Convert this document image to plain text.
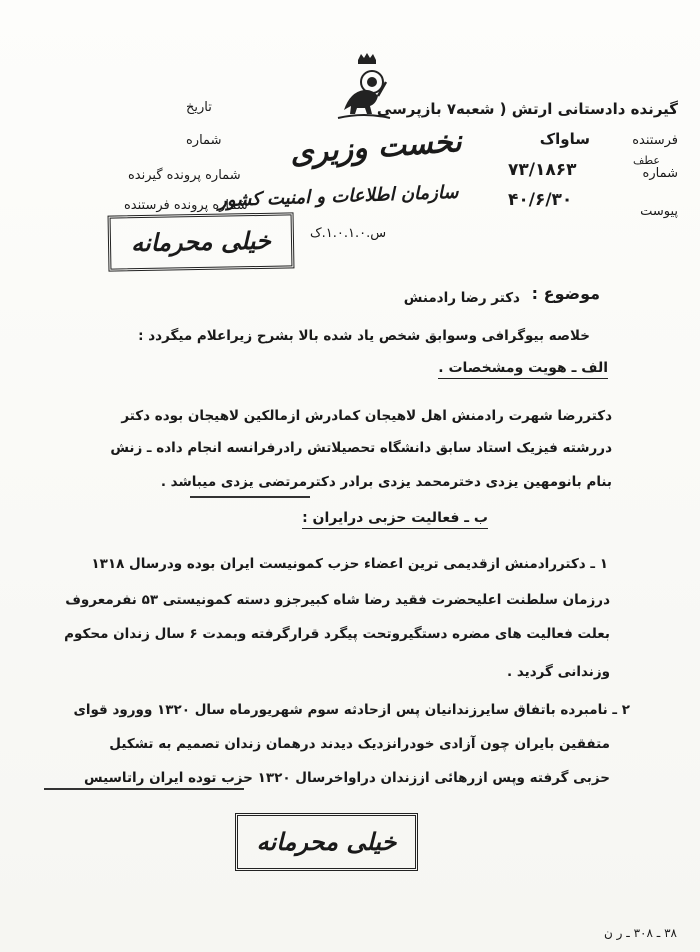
گیرنده دادستانی ارتش ( شعبه۷ بازپرسی
فرستنده
ساواک
شماره
عطف
۷۳/۱۸۶۳
پیوست
۴۰/۶/۳۰
تاریخ
شماره
شماره پرونده گیرنده
شماره پرونده فرستنده
نخست وزیری
سازمان اطلاعات و امنیت کشور
س.۱.۰.۱.۰.ک
خیلی محرمانه
موضوع :
دکتر رضا رادمنش
خلاصه بیوگرافی وسوابق شخص یاد شده بالا بشرح زیراعلام میگردد :
الف ـ هویت ومشخصات .
دکتررضا شهرت رادمنش اهل لاهیجان کمادرش ازمالکین لاهیجان بوده دکتر
دررشته فیزیک استاد سابق دانشگاه تحصیلاتش رادرفرانسه انجام داده ـ زنش
بنام بانومهین یزدی دخترمحمد یزدی برادر دکترمرتضی یزدی میباشد .
ب ـ فعالیت حزبی درایران :
۱ ـ دکتررادمنش ازقدیمی ترین اعضاء حزب کمونیست ایران بوده ودرسال ۱۳۱۸
درزمان سلطنت اعلیحضرت فقید رضا شاه کبیرجزو دسته کمونیستی ۵۳ نفرمعروف
بعلت فعالیت های مضره دستگیروتحت پیگرد قرارگرفته وبمدت ۶ سال زندان محکوم
وزندانی گردید .
۲ ـ نامبرده باتفاق سایرزندانیان پس ازحادثه سوم شهریورماه سال ۱۳۲۰ وورود قوای
متفقین بایران چون آزادی خودرانزدیک دیدند درهمان زندان تصمیم به تشکیل
حزبی گرفته وپس ازرهائی اززندان دراواخرسال ۱۳۲۰ حزب توده ایران راتاسیس
خیلی محرمانه
۳۸ ـ ۳۰۸ ـ ر ن
